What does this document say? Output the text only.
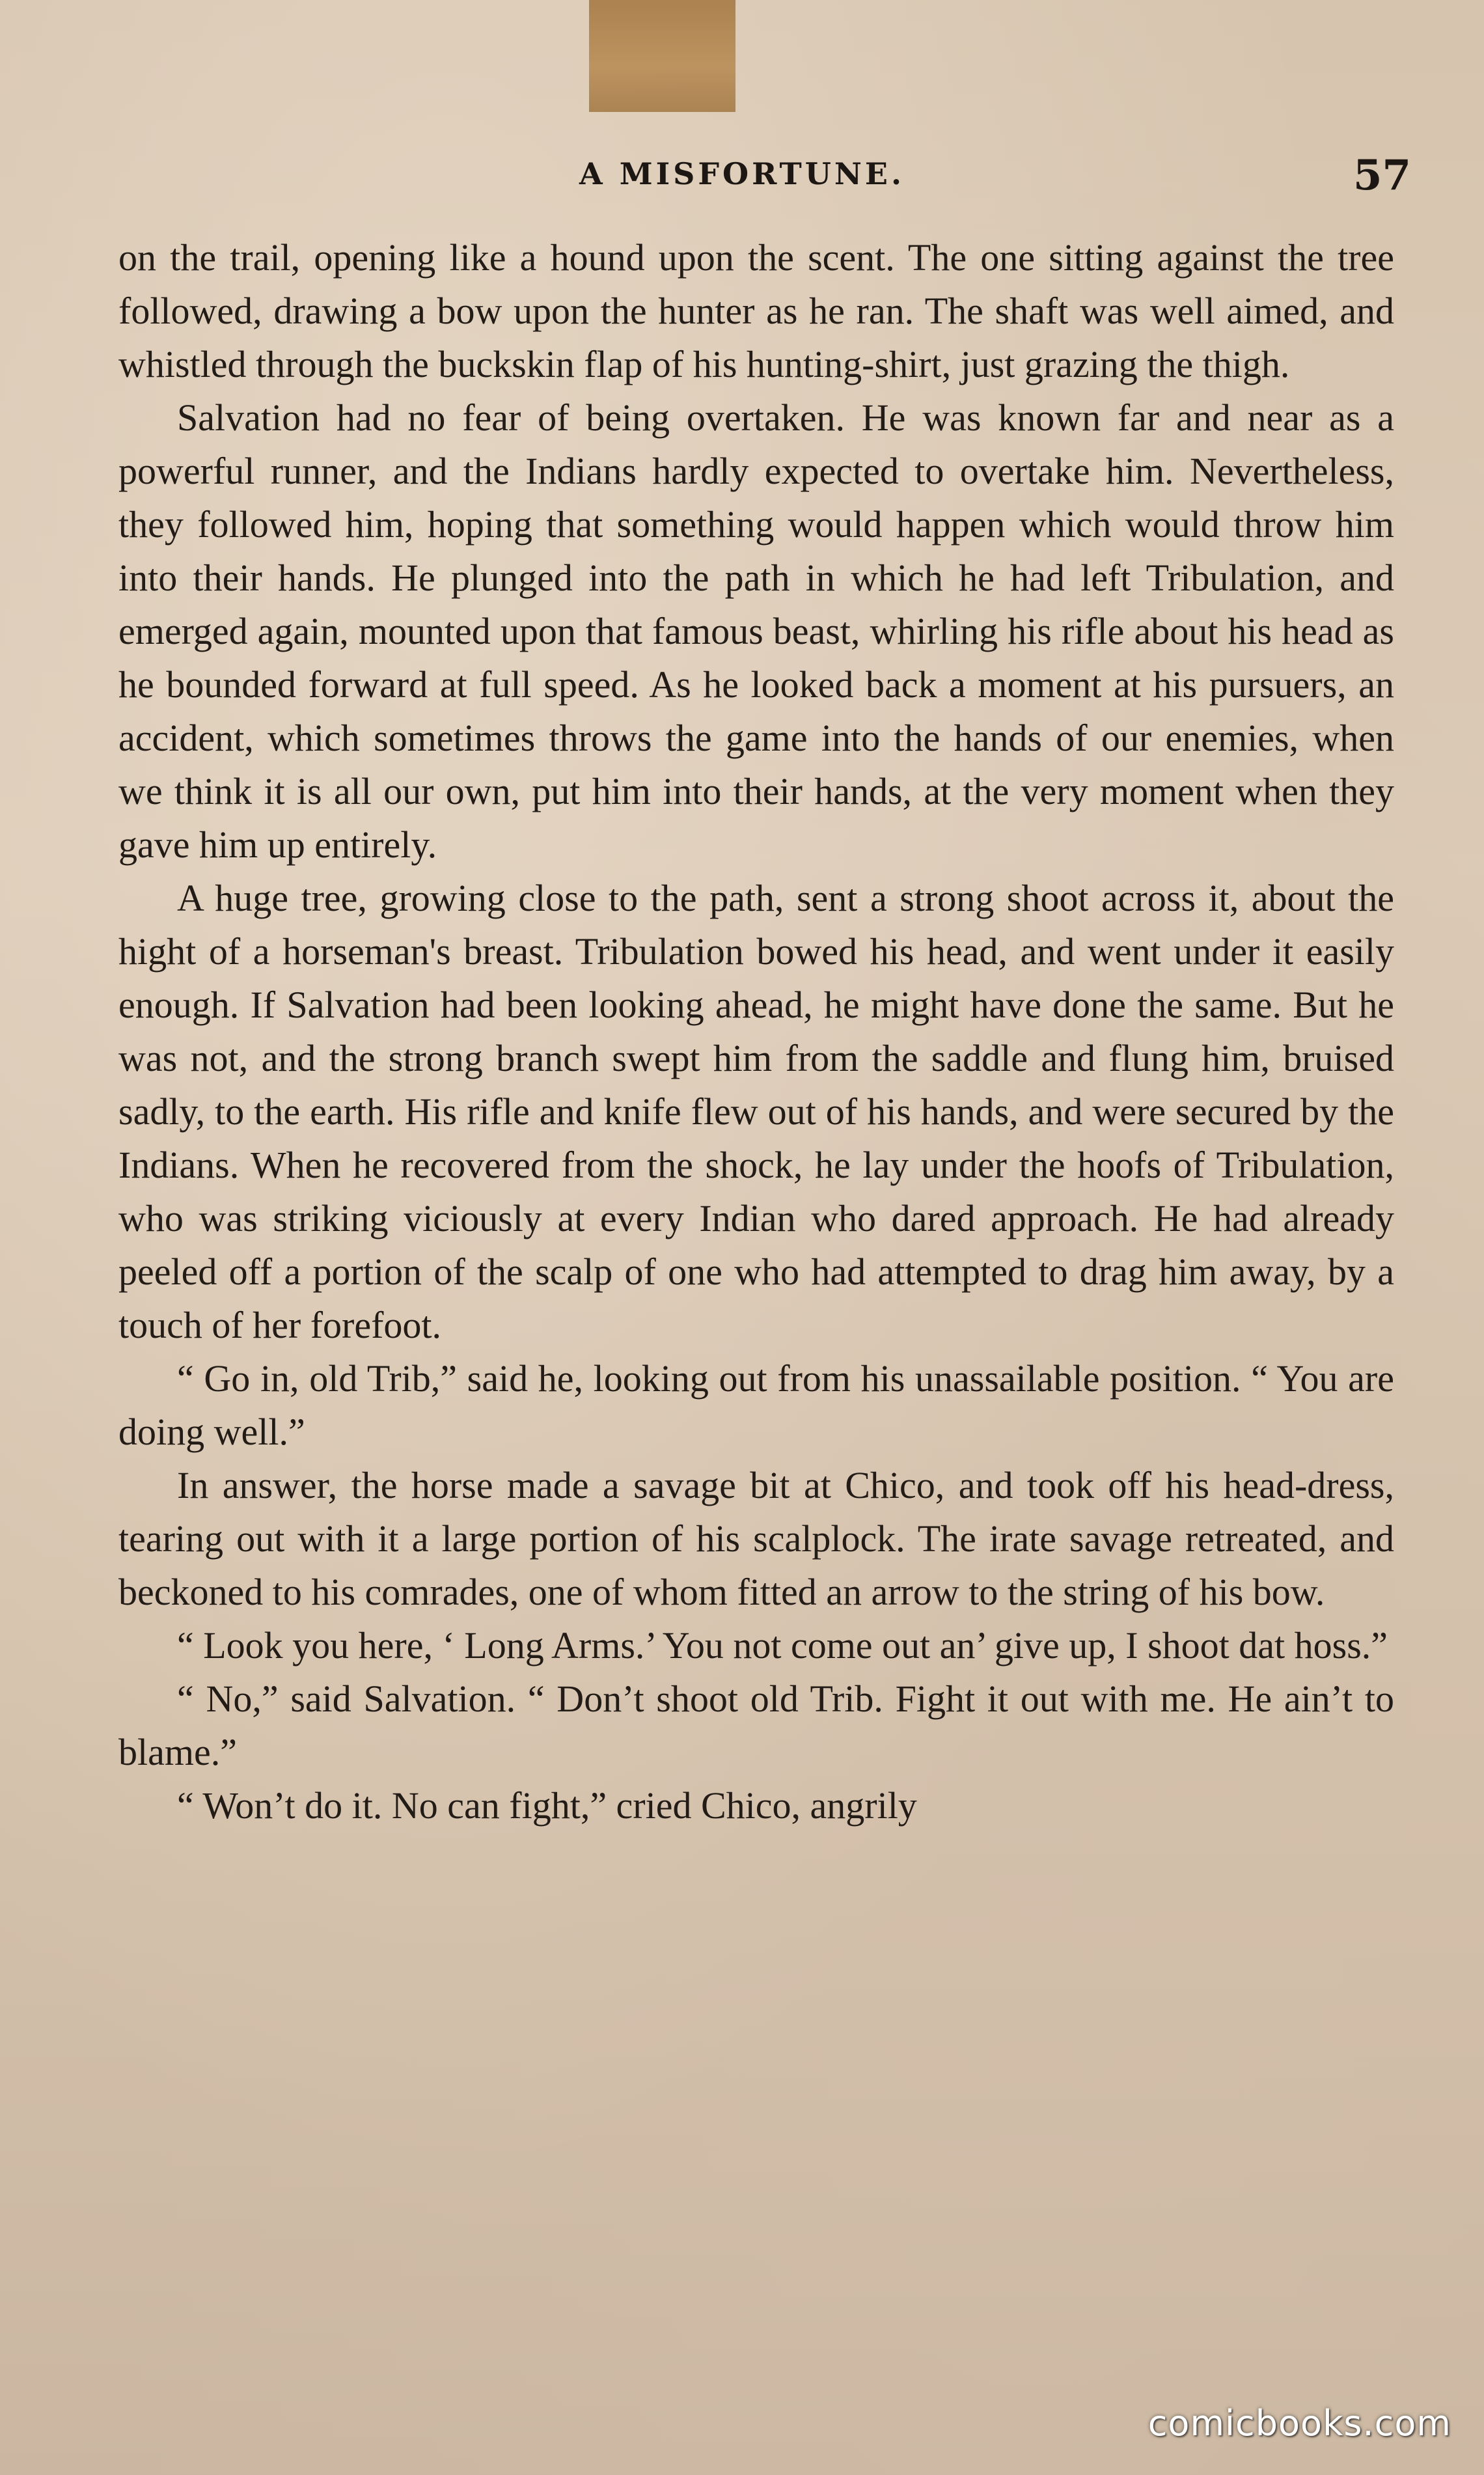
A MISFORTUNE.	57

on the trail, opening like a hound upon the scent. The one sitting against the tree followed, drawing a bow upon the hunter as he ran. The shaft was well aimed, and whistled through the buckskin flap of his hunting-shirt, just grazing the thigh.

Salvation had no fear of being overtaken. He was known far and near as a powerful runner, and the Indians hardly expected to overtake him. Nevertheless, they followed him, hoping that something would happen which would throw him into their hands. He plunged into the path in which he had left Tribulation, and emerged again, mounted upon that famous beast, whirling his rifle about his head as he bounded forward at full speed. As he looked back a moment at his pursuers, an accident, which sometimes throws the game into the hands of our enemies, when we think it is all our own, put him into their hands, at the very moment when they gave him up entirely.

A huge tree, growing close to the path, sent a strong shoot across it, about the hight of a horseman's breast. Tribulation bowed his head, and went under it easily enough. If Salvation had been looking ahead, he might have done the same. But he was not, and the strong branch swept him from the saddle and flung him, bruised sadly, to the earth. His rifle and knife flew out of his hands, and were secured by the Indians. When he recovered from the shock, he lay under the hoofs of Tribulation, who was striking viciously at every Indian who dared approach. He had already peeled off a portion of the scalp of one who had attempted to drag him away, by a touch of her forefoot.

“ Go in, old Trib,” said he, looking out from his unassailable position. “ You are doing well.”

In answer, the horse made a savage bit at Chico, and took off his head-dress, tearing out with it a large portion of his scalplock. The irate savage retreated, and beckoned to his comrades, one of whom fitted an arrow to the string of his bow.

“ Look you here, ‘ Long Arms.’ You not come out an’ give up, I shoot dat hoss.”

“ No,” said Salvation. “ Don’t shoot old Trib. Fight it out with me. He ain’t to blame.”

“ Won’t do it. No can fight,” cried Chico, angrily

comicbooks.com
